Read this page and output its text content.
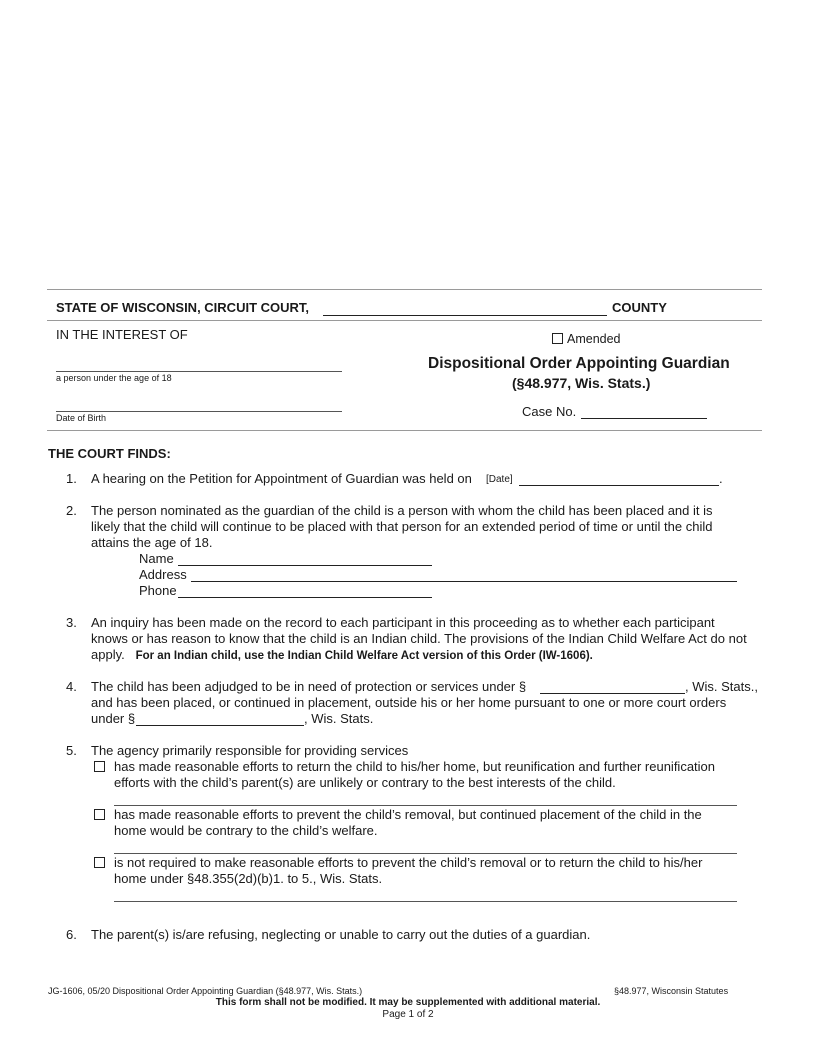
STATE OF WISCONSIN, CIRCUIT COURT,	COUNTY
IN THE INTEREST OF	Amended
a person under the age of 18
Dispositional Order Appointing Guardian
(§48.977, Wis. Stats.)
Date of Birth	Case No.
THE COURT FINDS:
1. A hearing on the Petition for Appointment of Guardian was held on [Date]	.
2. The person nominated as the guardian of the child is a person with whom the child has been placed and it is likely that the child will continue to be placed with that person for an extended period of time or until the child attains the age of 18.
Name
Address
Phone
3. An inquiry has been made on the record to each participant in this proceeding as to whether each participant knows or has reason to know that the child is an Indian child. The provisions of the Indian Child Welfare Act do not apply. For an Indian child, use the Indian Child Welfare Act version of this Order (IW-1606).
4. The child has been adjudged to be in need of protection or services under §	, Wis. Stats.,
and has been placed, or continued in placement, outside his or her home pursuant to one or more court orders
under §	, Wis. Stats.
5. The agency primarily responsible for providing services
has made reasonable efforts to return the child to his/her home, but reunification and further reunification efforts with the child’s parent(s) are unlikely or contrary to the best interests of the child.
has made reasonable efforts to prevent the child’s removal, but continued placement of the child in the home would be contrary to the child’s welfare.
is not required to make reasonable efforts to prevent the child’s removal or to return the child to his/her home under §48.355(2d)(b)1. to 5., Wis. Stats.
6. The parent(s) is/are refusing, neglecting or unable to carry out the duties of a guardian.
JG-1606, 05/20 Dispositional Order Appointing Guardian (§48.977, Wis. Stats.)	§48.977, Wisconsin Statutes
This form shall not be modified. It may be supplemented with additional material.
Page 1 of 2
